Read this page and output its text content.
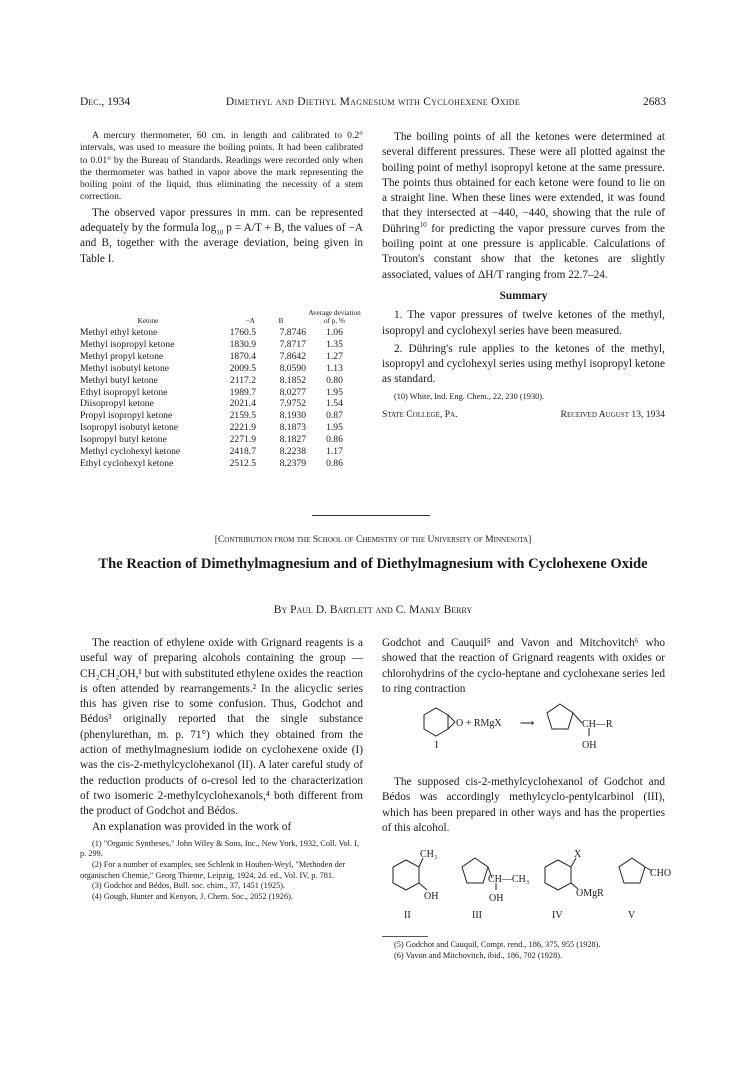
Dec., 1934	Dimethyl and Diethyl Magnesium with Cyclohexene Oxide	2683

A mercury thermometer, 60 cm. in length and calibrated to 0.2° intervals, was used to measure the boiling points. It had been calibrated to 0.01° by the Bureau of Standards. Readings were recorded only when the thermometer was bathed in vapor above the mark representing the boiling point of the liquid, thus eliminating the necessity of a stem correction.

The observed vapor pressures in mm. can be represented adequately by the formula $\log_{10} p = A/T + B$, the values of −A and B, together with the average deviation, being given in Table I.

Ketone	−A	B	Average deviation of p, %
Methyl ethyl ketone	1760.5	7.8746	1.06
Methyl isopropyl ketone	1830.9	7.8717	1.35
Methyl propyl ketone	1870.4	7.8642	1.27
Methyl isobutyl ketone	2009.5	8.0590	1.13
Methyl butyl ketone	2117.2	8.1852	0.80
Ethyl isopropyl ketone	1989.7	8.0277	1.95
Diisopropyl ketone	2021.4	7.9752	1.54
Propyl isopropyl ketone	2159.5	8.1930	0.87
Isopropyl isobutyl ketone	2221.9	8.1873	1.95
Isopropyl butyl ketone	2271.9	8.1827	0.86
Methyl cyclohexyl ketone	2418.7	8.2238	1.17
Ethyl cyclohexyl ketone	2512.5	8.2379	0.86

The boiling points of all the ketones were determined at several different pressures. These were all plotted against the boiling point of methyl isopropyl ketone at the same pressure. The points thus obtained for each ketone were found to lie on a straight line. When these lines were extended, it was found that they intersected at −440, −440, showing that the rule of Dühring$^{10}$ for predicting the vapor pressure curves from the boiling point at one pressure is applicable. Calculations of Trouton's constant show that the ketones are slightly associated, values of ΔH/T ranging from 22.7–24.

Summary

1. The vapor pressures of twelve ketones of the methyl, isopropyl and cyclohexyl series have been measured.

2. Dühring's rule applies to the ketones of the methyl, isopropyl and cyclohexyl series using methyl isopropyl ketone as standard.

(10) White, Ind. Eng. Chem., 22, 230 (1930).

State College, Pa.	Received August 13, 1934
[Contribution from the School of Chemistry of the University of Minnesota]
The Reaction of Dimethylmagnesium and of Diethylmagnesium with Cyclohexene Oxide
By Paul D. Bartlett and C. Manly Berry

The reaction of ethylene oxide with Grignard reagents is a useful way of preparing alcohols containing the group —CH₂CH₂OH,¹ but with substituted ethylene oxides the reaction is often attended by rearrangements.² In the alicyclic series this has given rise to some confusion. Thus, Godchot and Bédos³ originally reported that the single substance (phenylurethan, m. p. 71°) which they obtained from the action of methylmagnesium iodide on cyclohexene oxide (I) was the cis-2-methylcyclohexanol (II). A later careful study of the reduction products of o-cresol led to the characterization of two isomeric 2-methylcyclohexanols,⁴ both different from the product of Godchot and Bédos.

An explanation was provided in the work of

(1) "Organic Syntheses," John Wiley & Sons, Inc., New York, 1932, Coll. Vol. I, p. 299.

(2) For a number of examples, see Schlenk in Houben-Weyl, "Methoden der organischen Chemie," Georg Thieme, Leipzig, 1924, 2d. ed., Vol. IV, p. 781.

(3) Godchot and Bédos, Bull. soc. chim., 37, 1451 (1925).

(4) Gough, Hunter and Kenyon, J. Chem. Soc., 2052 (1926).

Godchot and Cauquil⁵ and Vavon and Mitchovitch⁶ who showed that the reaction of Grignard reagents with oxides or chlorohydrins of the cyclo-heptane and cyclohexane series led to ring contraction

O + RMgX ⟶	CH—R
OH
I

The supposed cis-2-methylcyclohexanol of Godchot and Bédos was accordingly methylcyclo-pentylcarbinol (III), which has been prepared in other ways and has the properties of this alcohol.

CH₃
OH
CH—CH₃
OH
X
OMgR
CHO
II	III	IV	V

(5) Godchot and Cauquil, Compt. rend., 186, 375, 955 (1928).

(6) Vavon and Mitchovitch, ibid., 186, 702 (1928).
